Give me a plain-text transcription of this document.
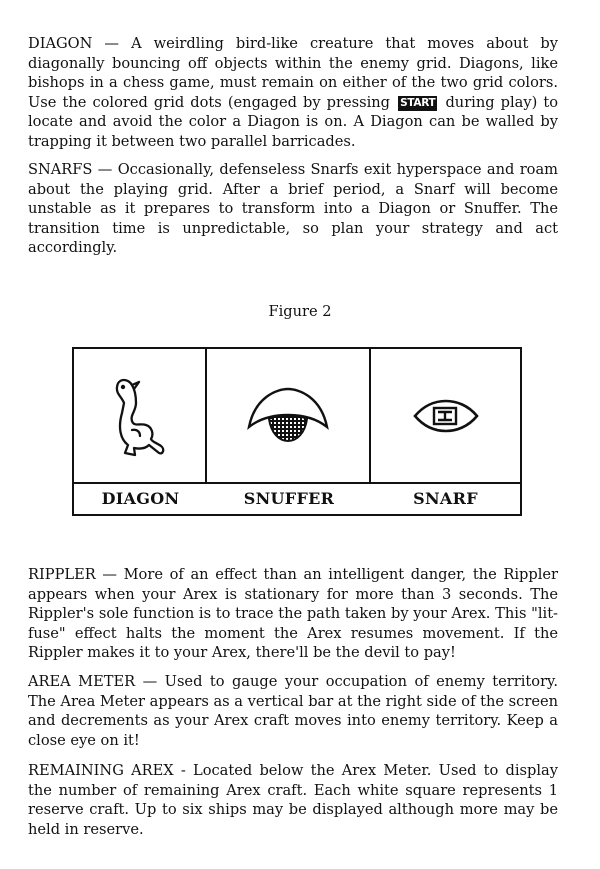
DIAGON — A weirdling bird-like creature that moves about by diagonally bouncing off objects within the enemy grid. Diagons, like bishops in a chess game, must remain on either of the two grid colors. Use the colored grid dots (engaged by pressing START during play) to locate and avoid the color a Diagon is on. A Diagon can be walled by trapping it between two parallel barricades.

SNARFS — Occasionally, defenseless Snarfs exit hyperspace and roam about the playing grid. After a brief period, a Snarf will become unstable as it prepares to transform into a Diagon or Snuffer. The transition time is unpredictable, so plan your strategy and act accordingly.

Figure 2
DIAGON	SNUFFER	SNARF

RIPPLER — More of an effect than an intelligent danger, the Rippler appears when your Arex is stationary for more than 3 seconds. The Rippler's sole function is to trace the path taken by your Arex. This "lit-fuse" effect halts the moment the Arex resumes movement. If the Rippler makes it to your Arex, there'll be the devil to pay!

AREA METER — Used to gauge your occupation of enemy territory. The Area Meter appears as a vertical bar at the right side of the screen and decrements as your Arex craft moves into enemy territory. Keep a close eye on it!

REMAINING AREX - Located below the Arex Meter. Used to display the number of remaining Arex craft. Each white square represents 1 reserve craft. Up to six ships may be displayed although more may be held in reserve.
